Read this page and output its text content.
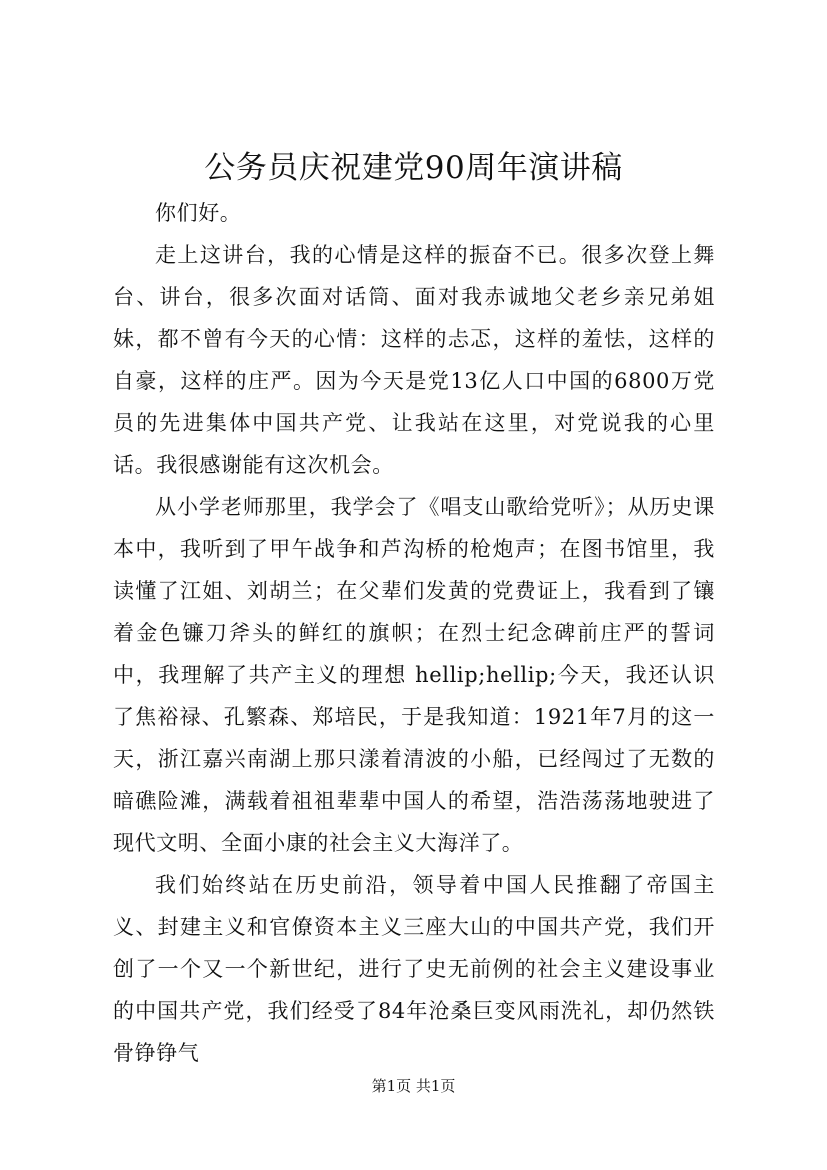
公务员庆祝建党90周年演讲稿

你们好。

走上这讲台，我的心情是这样的振奋不已。很多次登上舞台、讲台，很多次面对话筒、面对我赤诚地父老乡亲兄弟姐妹，都不曾有今天的心情：这样的忐忑，这样的羞怯，这样的自豪，这样的庄严。因为今天是党13亿人口中国的6800万党员的先进集体中国共产党、让我站在这里，对党说我的心里话。我很感谢能有这次机会。

从小学老师那里，我学会了《唱支山歌给党听》；从历史课本中，我听到了甲午战争和芦沟桥的枪炮声；在图书馆里，我读懂了江姐、刘胡兰；在父辈们发黄的党费证上，我看到了镶着金色镰刀斧头的鲜红的旗帜；在烈士纪念碑前庄严的誓词中，我理解了共产主义的理想 hellip;hellip;今天，我还认识了焦裕禄、孔繁森、郑培民，于是我知道：1921年7月的这一天，浙江嘉兴南湖上那只漾着清波的小船，已经闯过了无数的暗礁险滩，满载着祖祖辈辈中国人的希望，浩浩荡荡地驶进了现代文明、全面小康的社会主义大海洋了。

我们始终站在历史前沿，领导着中国人民推翻了帝国主义、封建主义和官僚资本主义三座大山的中国共产党，我们开创了一个又一个新世纪，进行了史无前例的社会主义建设事业的中国共产党，我们经受了84年沧桑巨变风雨洗礼，却仍然铁骨铮铮气

第1页 共1页
